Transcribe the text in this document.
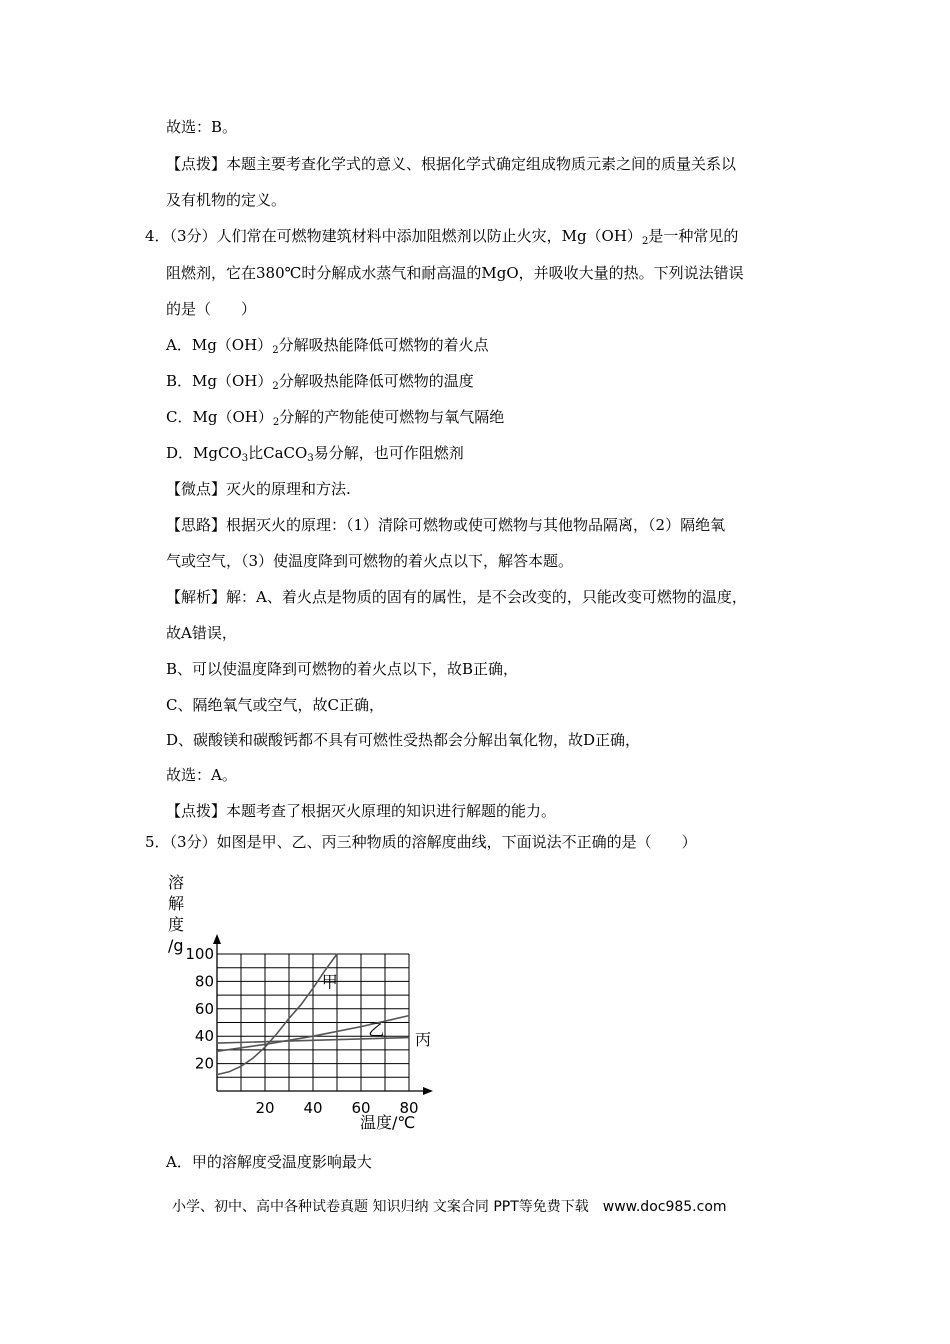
故选：B。
【点拨】本题主要考查化学式的意义、根据化学式确定组成物质元素之间的质量关系以
及有机物的定义。
4．（3分）人们常在可燃物建筑材料中添加阻燃剂以防止火灾，$Mg(OH)_2$是一种常见的
阻燃剂，它在380℃时分解成水蒸气和耐高温的MgO，并吸收大量的热。下列说法错误
的是（　　）
A．$Mg(OH)_2$分解吸热能降低可燃物的着火点
B．$Mg(OH)_2$分解吸热能降低可燃物的温度
C．$Mg(OH)_2$分解的产物能使可燃物与氧气隔绝
D．MgCO$_3$比CaCO$_3$易分解，也可作阻燃剂
【微点】灭火的原理和方法.
【思路】根据灭火的原理：（1）清除可燃物或使可燃物与其他物品隔离，（2）隔绝氧
气或空气，（3）使温度降到可燃物的着火点以下，解答本题。
【解析】解：A、着火点是物质的固有的属性，是不会改变的，只能改变可燃物的温度，
故A错误，
B、可以使温度降到可燃物的着火点以下，故B正确，
C、隔绝氧气或空气，故C正确，
D、碳酸镁和碳酸钙都不具有可燃性受热都会分解出氧化物，故D正确，
故选：A。
【点拨】本题考查了根据灭火原理的知识进行解题的能力。
5．（3分）如图是甲、乙、丙三种物质的溶解度曲线，下面说法不正确的是（　　）
20 40 60 80
100
80
60
40
20
溶
解
度
/g
温度/℃
甲
乙
丙
A．甲的溶解度受温度影响最大
小学、初中、高中各种试卷真题 知识归纳 文案合同 PPT等免费下载　www.doc985.com
